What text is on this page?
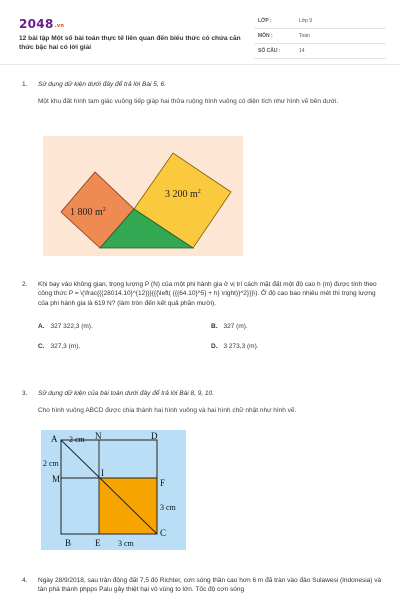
2048.vn
12 bài tập Một số bài toán thực tế liên quan đến biểu thức có chứa căn thức bậc hai có lời giải
LỚP :	Lớp 9
MÔN :	Toán
SỐ CÂU :	14
1. Sử dụng dữ kiện dưới đây để trả lời Bài 5, 6.
Một khu đất hình tam giác vuông tiếp giáp hai thửa ruộng hình vuông có diện tích như hình vẽ bên dưới.
1 800 $m^2$
3 200 $m^2$
2. Khi bay vào không gian, trọng lượng P (N) của một phi hành gia ở vị trí cách mặt đất một độ cao h (m) được tính theo công thức P = \(\frac{{{28014.10}^{12}}}{{{\left( {{{64.10}^5} + h} \right)}^2}}}\). Ở độ cao bao nhiêu mét thì trọng lượng của phi hành gia là 619 N? (làm tròn đến kết quả phần mười).
A. 327 322,3 (m).	B. 327 (m).
C. 327,3 (m).	D. 3 273,3 (m).
3. Sử dụng dữ kiện của bài toán dưới đây để trả lời Bài 8, 9, 10.
Cho hình vuông ABCD được chia thành hai hình vuông và hai hình chữ nhật như hình vẽ.
A 2 cm N	D
2 cm
M
I
F
3 cm
C
B	E 3 cm
4. Ngày 28/9/2018, sau trận động đất 7,5 độ Richter, cơn sóng thần cao hơn 6 m đã tràn vào đảo Sulawesi (Indonesia) và tàn phá thành phpps Palu gây thiệt hại vô vùng to lớn. Tốc độ cơn sóng
